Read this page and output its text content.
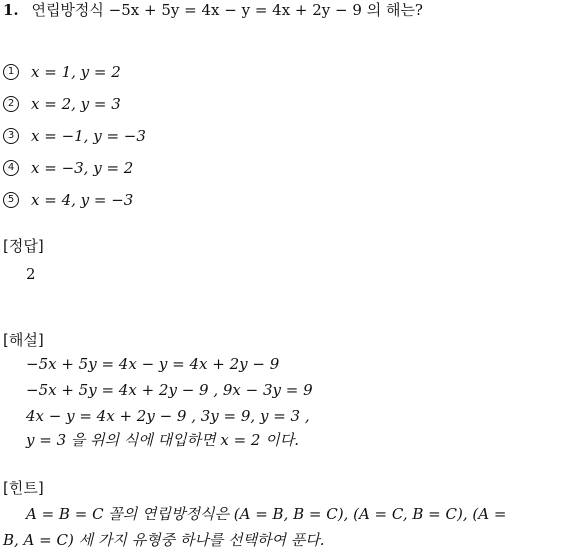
1. 연립방정식 −5x + 5y = 4x − y = 4x + 2y − 9 의 해는?
1	x = 1, y = 2
2	x = 2, y = 3
3	x = −1, y = −3
4	x = −3, y = 2
5	x = 4, y = −3
[정답]
2
[해설]
−5x + 5y = 4x − y = 4x + 2y − 9
−5x + 5y = 4x + 2y − 9 , 9x − 3y = 9
4x − y = 4x + 2y − 9 , 3y = 9, y = 3 ,
y = 3 을 위의 식에 대입하면 x = 2 이다.
[힌트]
A = B = C 꼴의 연립방정식은 (A = B, B = C), (A = C, B = C), (A =
B, A = C) 세 가지 유형중 하나를 선택하여 푼다.
